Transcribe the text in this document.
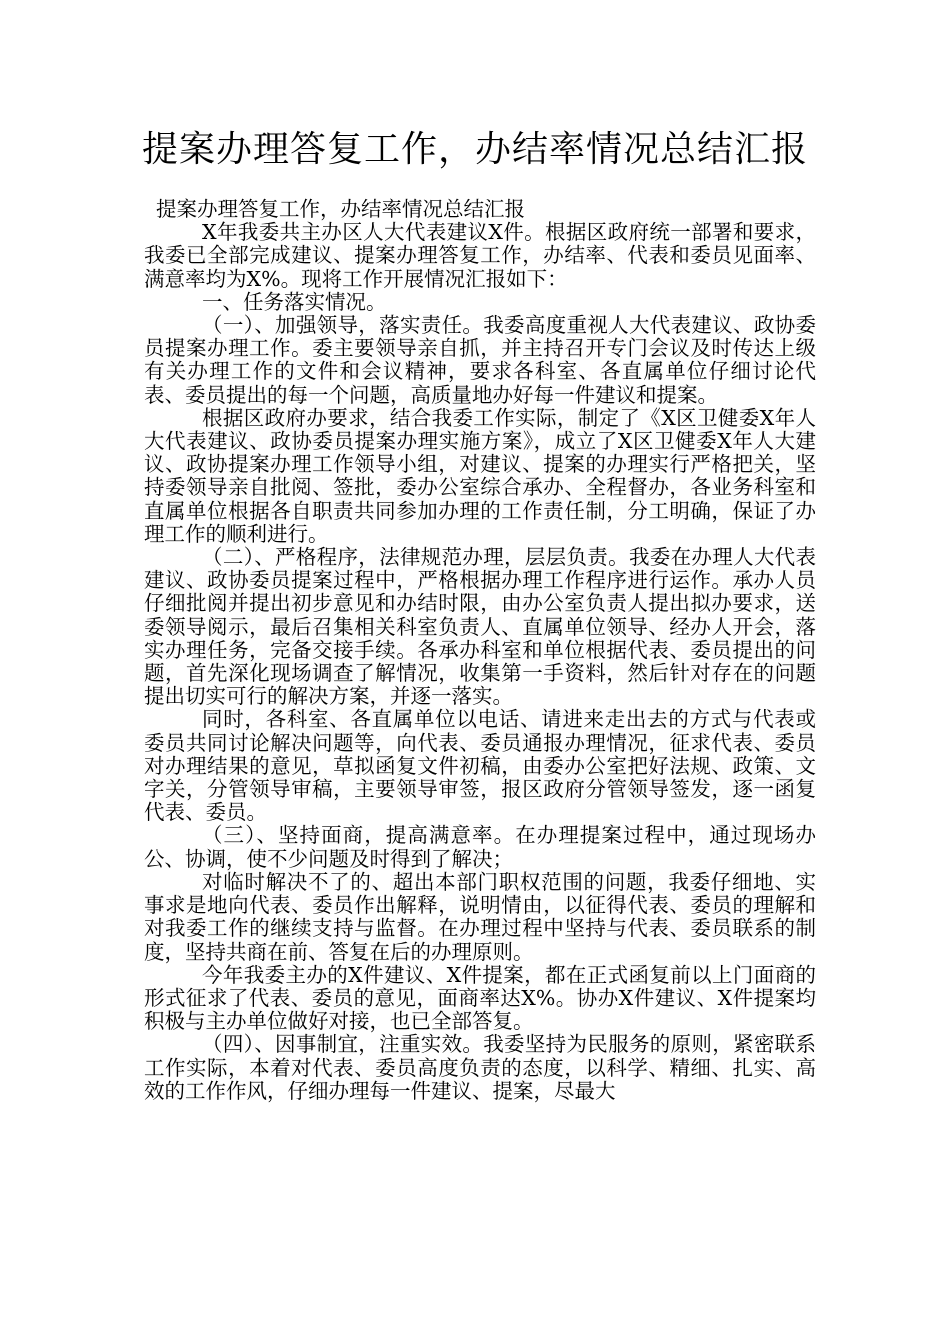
提案办理答复工作，办结率情况总结汇报

提案办理答复工作，办结率情况总结汇报

X年我委共主办区人大代表建议X件。根据区政府统一部署和要求，我委已全部完成建议、提案办理答复工作，办结率、代表和委员见面率、满意率均为X%。现将工作开展情况汇报如下：

一、任务落实情况。

（一）、加强领导，落实责任。我委高度重视人大代表建议、政协委员提案办理工作。委主要领导亲自抓，并主持召开专门会议及时传达上级有关办理工作的文件和会议精神，要求各科室、各直属单位仔细讨论代表、委员提出的每一个问题，高质量地办好每一件建议和提案。

根据区政府办要求，结合我委工作实际，制定了《X区卫健委X年人大代表建议、政协委员提案办理实施方案》，成立了X区卫健委X年人大建议、政协提案办理工作领导小组，对建议、提案的办理实行严格把关，坚持委领导亲自批阅、签批，委办公室综合承办、全程督办，各业务科室和直属单位根据各自职责共同参加办理的工作责任制，分工明确，保证了办理工作的顺利进行。

（二）、严格程序，法律规范办理，层层负责。我委在办理人大代表建议、政协委员提案过程中，严格根据办理工作程序进行运作。承办人员仔细批阅并提出初步意见和办结时限，由办公室负责人提出拟办要求，送委领导阅示，最后召集相关科室负责人、直属单位领导、经办人开会，落实办理任务，完备交接手续。各承办科室和单位根据代表、委员提出的问题，首先深化现场调查了解情况，收集第一手资料，然后针对存在的问题提出切实可行的解决方案，并逐一落实。

同时，各科室、各直属单位以电话、请进来走出去的方式与代表或委员共同讨论解决问题等，向代表、委员通报办理情况，征求代表、委员对办理结果的意见，草拟函复文件初稿，由委办公室把好法规、政策、文字关，分管领导审稿，主要领导审签，报区政府分管领导签发，逐一函复代表、委员。

（三）、坚持面商，提高满意率。在办理提案过程中，通过现场办公、协调，使不少问题及时得到了解决；

对临时解决不了的、超出本部门职权范围的问题，我委仔细地、实事求是地向代表、委员作出解释，说明情由，以征得代表、委员的理解和对我委工作的继续支持与监督。在办理过程中坚持与代表、委员联系的制度，坚持共商在前、答复在后的办理原则。

今年我委主办的X件建议、X件提案，都在正式函复前以上门面商的形式征求了代表、委员的意见，面商率达X%。协办X件建议、X件提案均积极与主办单位做好对接，也已全部答复。

（四）、因事制宜，注重实效。我委坚持为民服务的原则，紧密联系工作实际，本着对代表、委员高度负责的态度，以科学、精细、扎实、高效的工作作风，仔细办理每一件建议、提案，尽最大
